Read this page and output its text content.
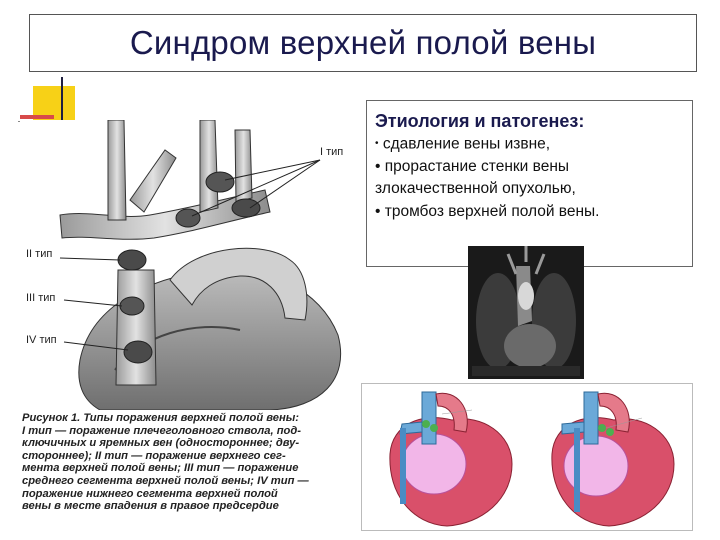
Синдром верхней полой вены
I тип
II тип
III тип
IV тип
Рисунок 1. Типы поражения верхней полой вены:
I тип — поражение плечеголовного ствола, под-
ключичных и яремных вен (одностороннее; дву-
стороннее); II тип — поражение верхнего сег-
мента верхней полой вены; III тип — поражение
среднего сегмента верхней полой вены; IV тип —
поражение нижнего сегмента верхней полой
вены в месте впадения в правое предсердие
Этиология и патогенез:
• сдавление вены извне,
• прорастание стенки вены
злокачественной опухолью,
• тромбоз верхней полой вены.
